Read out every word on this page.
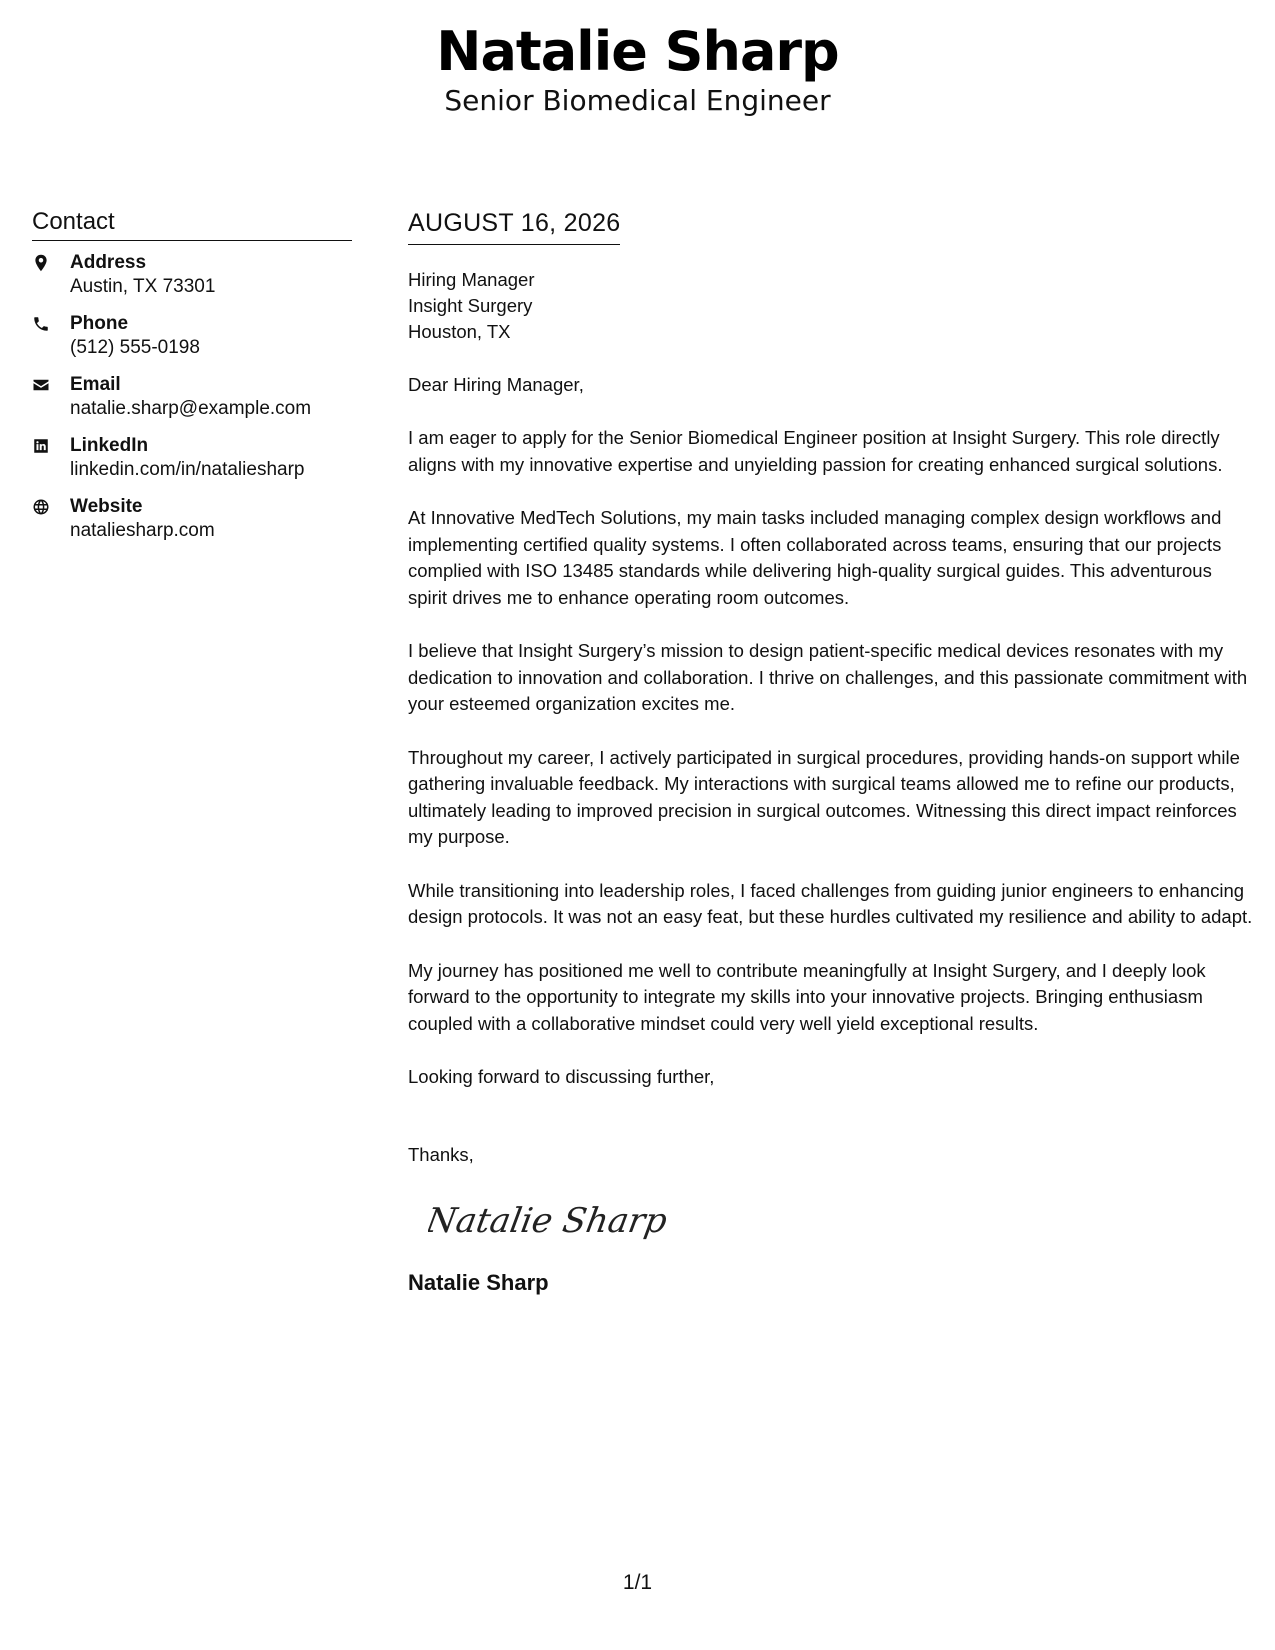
Natalie Sharp
Senior Biomedical Engineer
Contact
Address
Austin, TX 73301
Phone
(512) 555-0198
Email
natalie.sharp@example.com
LinkedIn
linkedin.com/in/nataliesharp
Website
nataliesharp.com
AUGUST 16, 2026
Hiring Manager
Insight Surgery
Houston, TX
Dear Hiring Manager,

I am eager to apply for the Senior Biomedical Engineer position at Insight Surgery. This role directly aligns with my innovative expertise and unyielding passion for creating enhanced surgical solutions.

At Innovative MedTech Solutions, my main tasks included managing complex design workflows and implementing certified quality systems. I often collaborated across teams, ensuring that our projects complied with ISO 13485 standards while delivering high-quality surgical guides. This adventurous spirit drives me to enhance operating room outcomes.

I believe that Insight Surgery’s mission to design patient-specific medical devices resonates with my dedication to innovation and collaboration. I thrive on challenges, and this passionate commitment with your esteemed organization excites me.

Throughout my career, I actively participated in surgical procedures, providing hands-on support while gathering invaluable feedback. My interactions with surgical teams allowed me to refine our products, ultimately leading to improved precision in surgical outcomes. Witnessing this direct impact reinforces my purpose.

While transitioning into leadership roles, I faced challenges from guiding junior engineers to enhancing design protocols. It was not an easy feat, but these hurdles cultivated my resilience and ability to adapt.

My journey has positioned me well to contribute meaningfully at Insight Surgery, and I deeply look forward to the opportunity to integrate my skills into your innovative projects. Bringing enthusiasm coupled with a collaborative mindset could very well yield exceptional results.

Looking forward to discussing further,
Thanks,
Natalie Sharp
Natalie Sharp
1/1
